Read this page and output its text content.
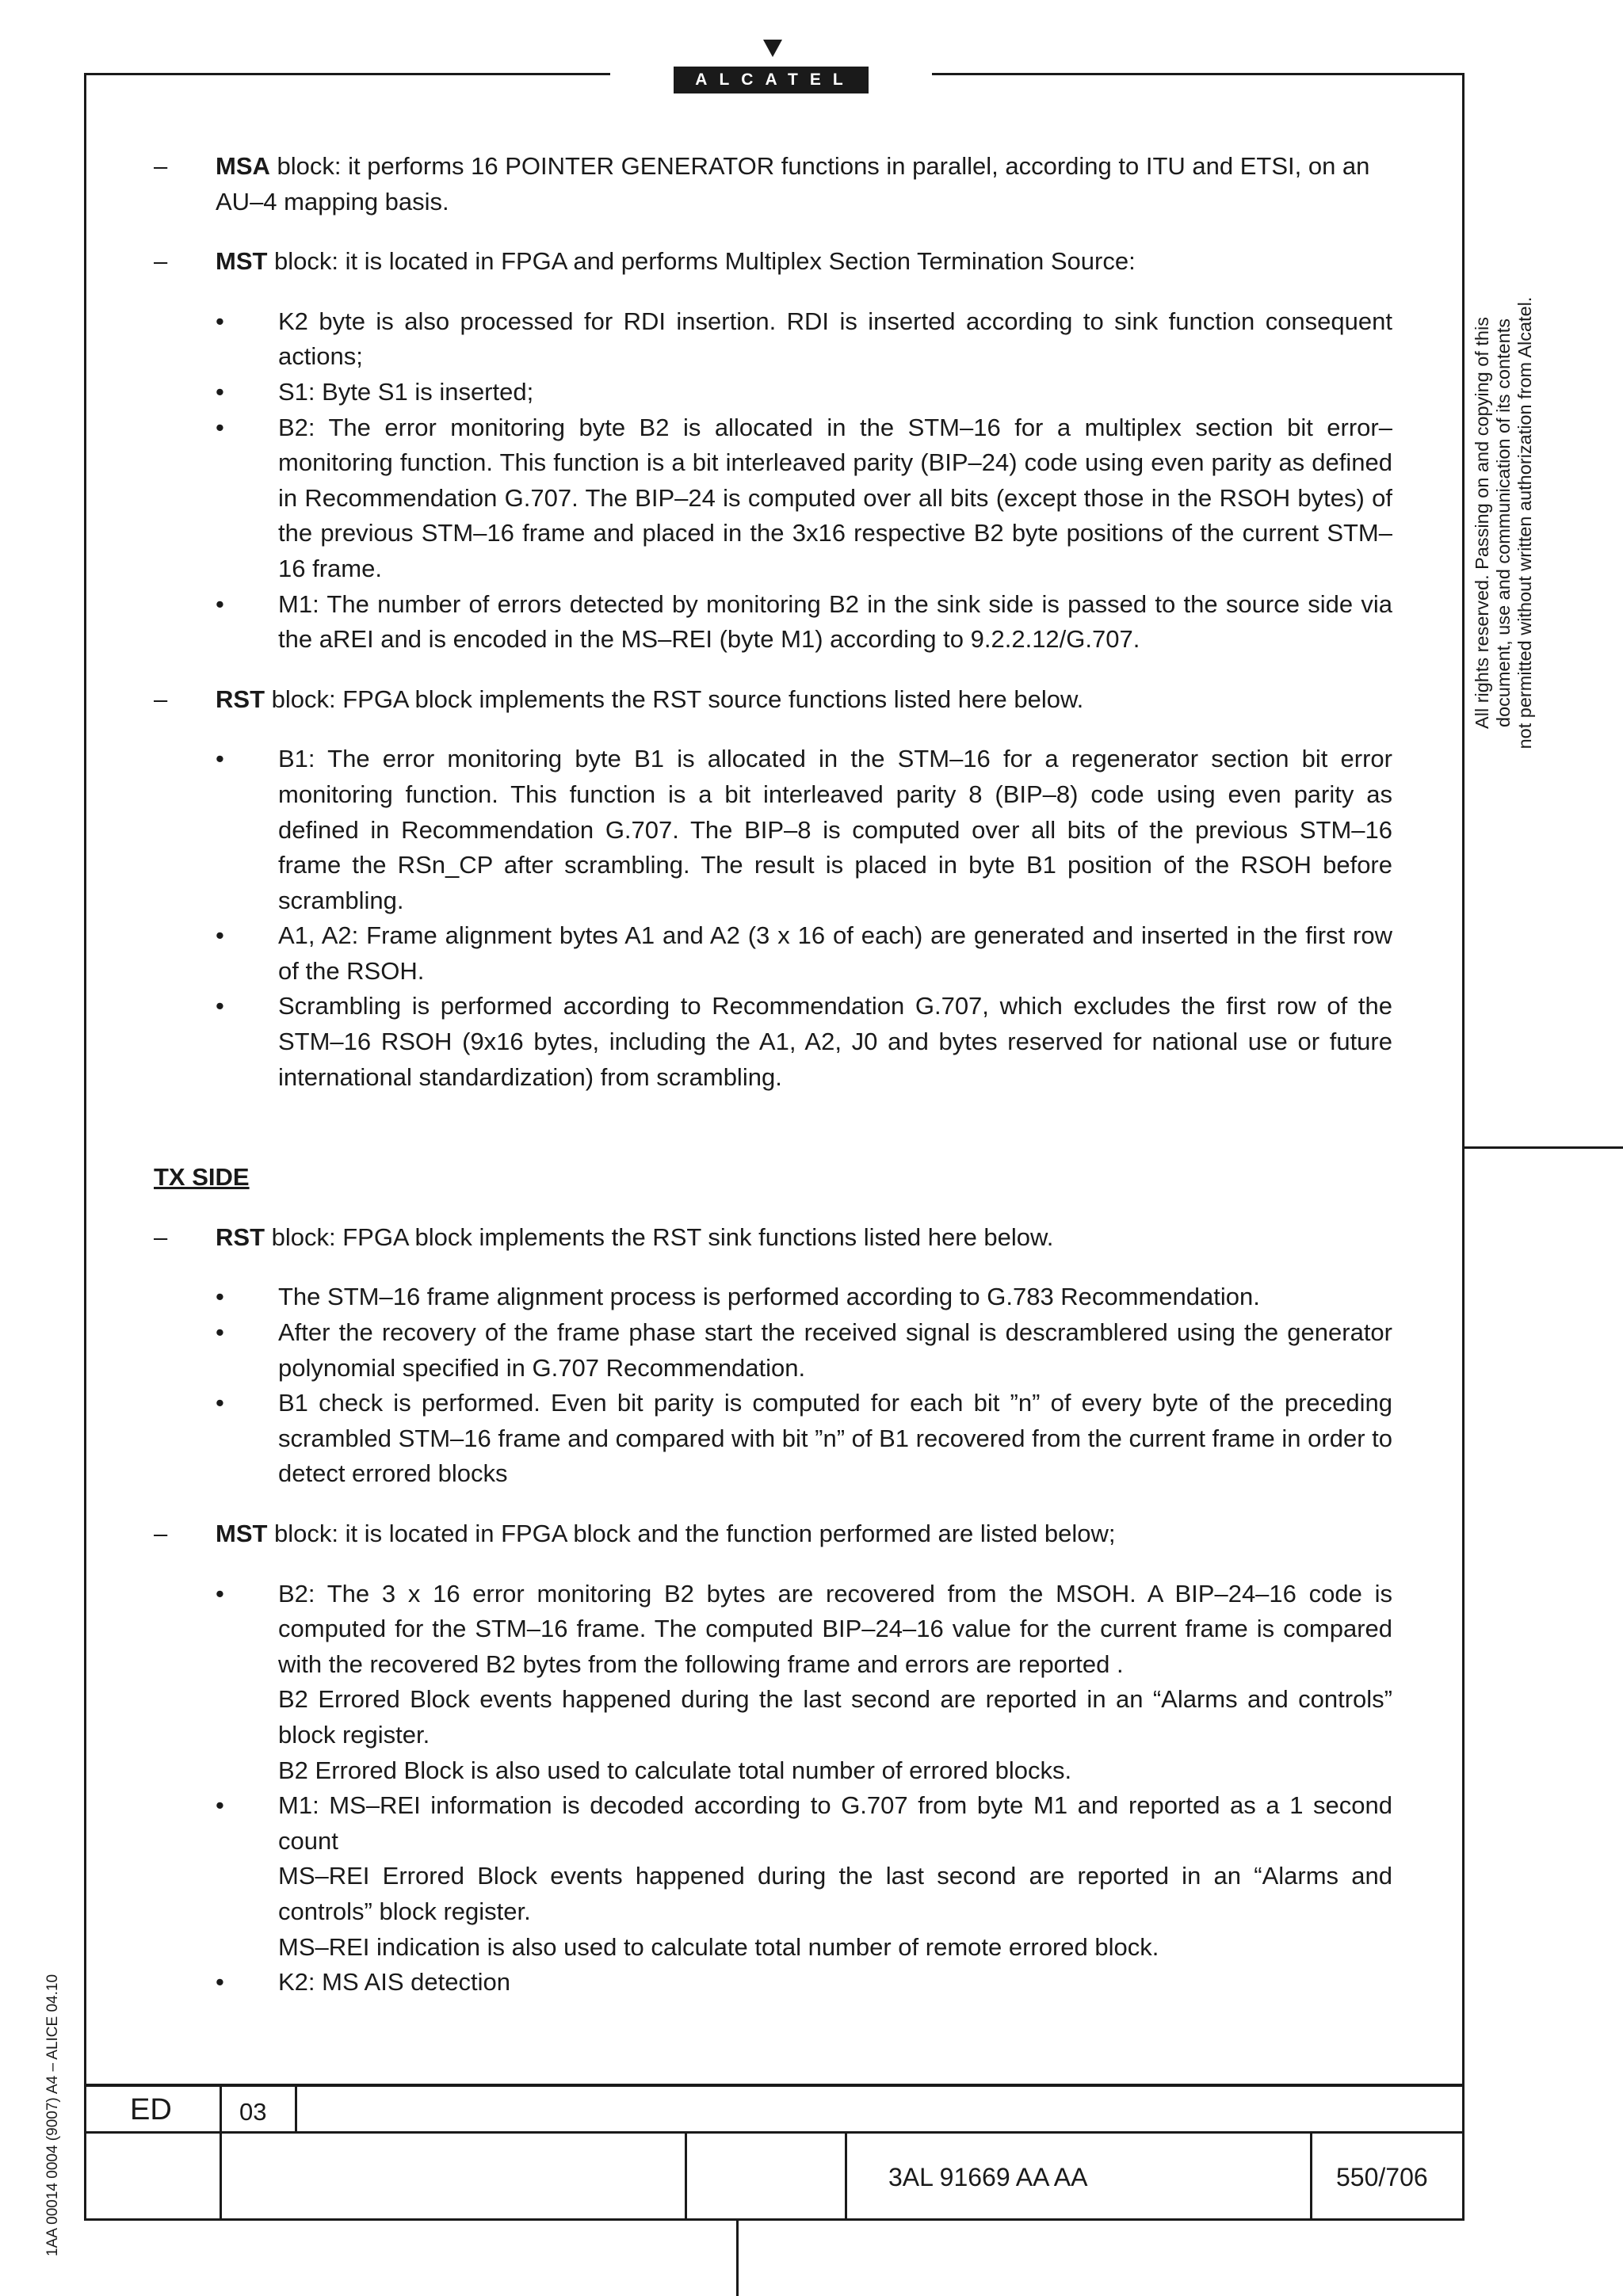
ALCATEL
All rights reserved. Passing on and copying of this document, use and communication of its contents not permitted without written authorization from Alcatel.
1AA 00014 0004 (9007) A4 – ALICE 04.10
– MSA block: it performs 16 POINTER GENERATOR functions in parallel, according to ITU and ETSI, on an AU–4 mapping basis.
– MST block: it is located in FPGA and performs Multiplex Section Termination Source:
• K2 byte is also processed for RDI insertion. RDI is inserted according to sink function consequent actions;
• S1: Byte S1 is inserted;
• B2: The error monitoring byte B2 is allocated in the STM–16 for a multiplex section bit error–monitoring function. This function is a bit interleaved parity (BIP–24) code using even parity as defined in Recommendation G.707. The BIP–24 is computed over all bits (except those in the RSOH bytes) of the previous STM–16 frame and placed in the 3x16 respective B2 byte positions of the current STM–16 frame.
• M1: The number of errors detected by monitoring B2 in the sink side is passed to the source side via the aREI and is encoded in the MS–REI (byte M1) according to 9.2.2.12/G.707.
– RST block: FPGA block implements the RST source functions listed here below.
• B1: The error monitoring byte B1 is allocated in the STM–16 for a regenerator section bit error monitoring function. This function is a bit interleaved parity 8 (BIP–8) code using even parity as defined in Recommendation G.707. The BIP–8 is computed over all bits of the previous STM–16 frame the RSn_CP after scrambling. The result is placed in byte B1 position of the RSOH before scrambling.
• A1, A2: Frame alignment bytes A1 and A2 (3 x 16 of each) are generated and inserted in the first row of the RSOH.
• Scrambling is performed according to Recommendation G.707, which excludes the first row of the STM–16 RSOH (9x16 bytes, including the A1, A2, J0 and bytes reserved for national use or future international standardization) from scrambling.
TX SIDE
– RST block: FPGA block implements the RST sink functions listed here below.
• The STM–16 frame alignment process is performed according to G.783 Recommendation.
• After the recovery of the frame phase start the received signal is descramblered using the generator polynomial specified in G.707 Recommendation.
• B1 check is performed. Even bit parity is computed for each bit ”n” of every byte of the preceding scrambled STM–16 frame and compared with bit ”n” of B1 recovered from the current frame in order to detect errored blocks
– MST block: it is located in FPGA block and the function performed are listed below;
• B2: The 3 x 16 error monitoring B2 bytes are recovered from the MSOH. A BIP–24–16 code is computed for the STM–16 frame. The computed BIP–24–16 value for the current frame is compared with the recovered B2 bytes from the following frame and errors are reported .
B2 Errored Block events happened during the last second are reported in an “Alarms and controls” block register.
B2 Errored Block is also used to calculate total number of errored blocks.
• M1: MS–REI information is decoded according to G.707 from byte M1 and reported as a 1 second count
MS–REI Errored Block events happened during the last second are reported in an “Alarms and controls” block register.
MS–REI indication is also used to calculate total number of remote errored block.
• K2: MS AIS detection
ED	03
3AL 91669 AA AA	550/706
